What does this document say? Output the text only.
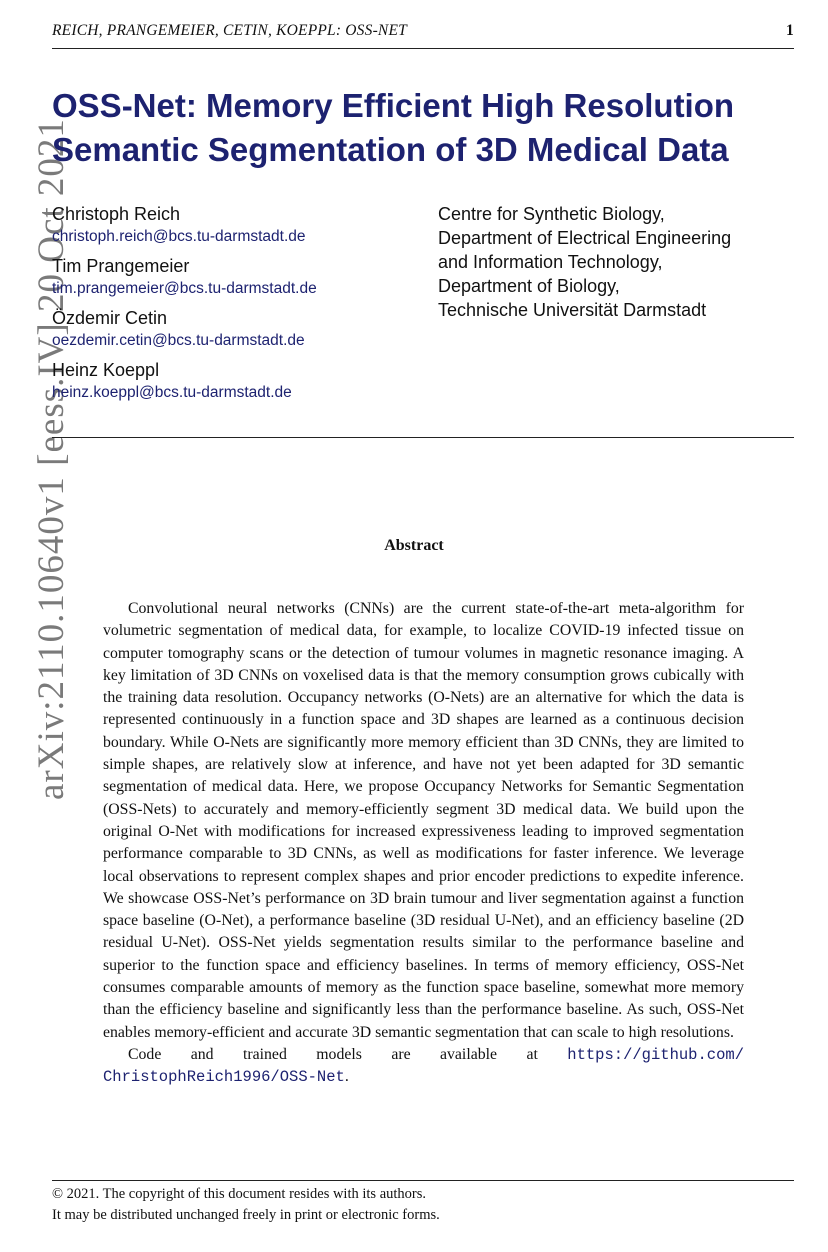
REICH, PRANGEMEIER, CETIN, KOEPPL: OSS-NET	1
arXiv:2110.10640v1 [eess.IV] 20 Oct 2021
OSS-Net: Memory Efficient High Resolution
Semantic Segmentation of 3D Medical Data
Christoph Reich
christoph.reich@bcs.tu-darmstadt.de
Tim Prangemeier
tim.prangemeier@bcs.tu-darmstadt.de
Özdemir Cetin
oezdemir.cetin@bcs.tu-darmstadt.de
Heinz Koeppl
heinz.koeppl@bcs.tu-darmstadt.de
Centre for Synthetic Biology,
Department of Electrical Engineering
and Information Technology,
Department of Biology,
Technische Universität Darmstadt
Abstract

Convolutional neural networks (CNNs) are the current state-of-the-art meta-algorithm for volumetric segmentation of medical data, for example, to localize COVID-19 infected tissue on computer tomography scans or the detection of tumour volumes in magnetic resonance imaging. A key limitation of 3D CNNs on voxelised data is that the memory consumption grows cubically with the training data resolution. Occupancy networks (O-Nets) are an alternative for which the data is represented continuously in a function space and 3D shapes are learned as a continuous decision boundary. While O-Nets are significantly more memory efficient than 3D CNNs, they are limited to simple shapes, are relatively slow at inference, and have not yet been adapted for 3D semantic segmentation of medical data. Here, we propose Occupancy Networks for Semantic Segmentation (OSS-Nets) to accurately and memory-efficiently segment 3D medical data. We build upon the original O-Net with modifications for increased expressiveness leading to improved segmentation performance comparable to 3D CNNs, as well as modifications for faster inference. We leverage local observations to represent complex shapes and prior encoder predictions to expedite inference. We showcase OSS-Net’s performance on 3D brain tumour and liver segmentation against a function space baseline (O-Net), a performance baseline (3D residual U-Net), and an efficiency baseline (2D residual U-Net). OSS-Net yields segmentation results similar to the performance baseline and superior to the function space and efficiency baselines. In terms of memory efficiency, OSS-Net consumes comparable amounts of memory as the function space baseline, somewhat more memory than the efficiency baseline and significantly less than the performance baseline. As such, OSS-Net enables memory-efficient and accurate 3D semantic segmentation that can scale to high resolutions.

Code and trained models are available at https://github.com/ ChristophReich1996/OSS-Net.

© 2021. The copyright of this document resides with its authors.
It may be distributed unchanged freely in print or electronic forms.
